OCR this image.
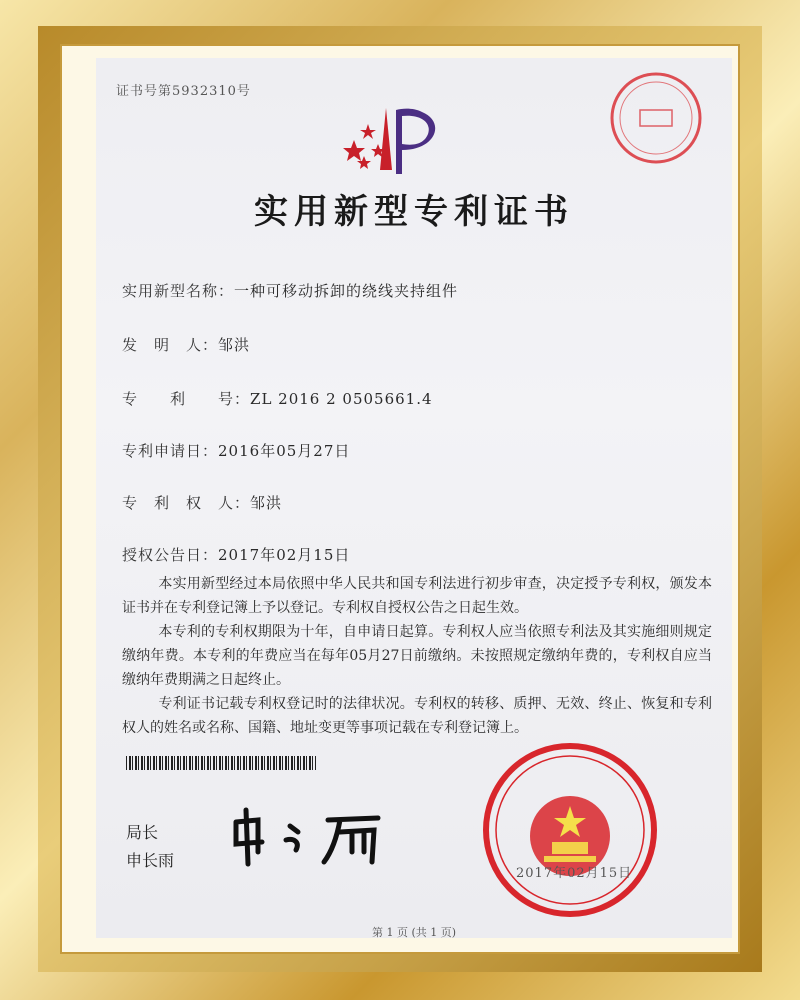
证书号第5932310号
实用新型专利证书
实用新型名称：一种可移动拆卸的绕线夹持组件
发　明　人：邹洪
专　　利　　号：ZL 2016 2 0505661.4
专利申请日：2016年05月27日
专　利　权　人：邹洪
授权公告日：2017年02月15日

本实用新型经过本局依照中华人民共和国专利法进行初步审查，决定授予专利权，颁发本证书并在专利登记簿上予以登记。专利权自授权公告之日起生效。

本专利的专利权期限为十年，自申请日起算。专利权人应当依照专利法及其实施细则规定缴纳年费。本专利的年费应当在每年05月27日前缴纳。未按照规定缴纳年费的，专利权自应当缴纳年费期满之日起终止。

专利证书记载专利权登记时的法律状况。专利权的转移、质押、无效、终止、恢复和专利权人的姓名或名称、国籍、地址变更等事项记载在专利登记簿上。

局长
申长雨
2017年02月15日
第 1 页 (共 1 页)
